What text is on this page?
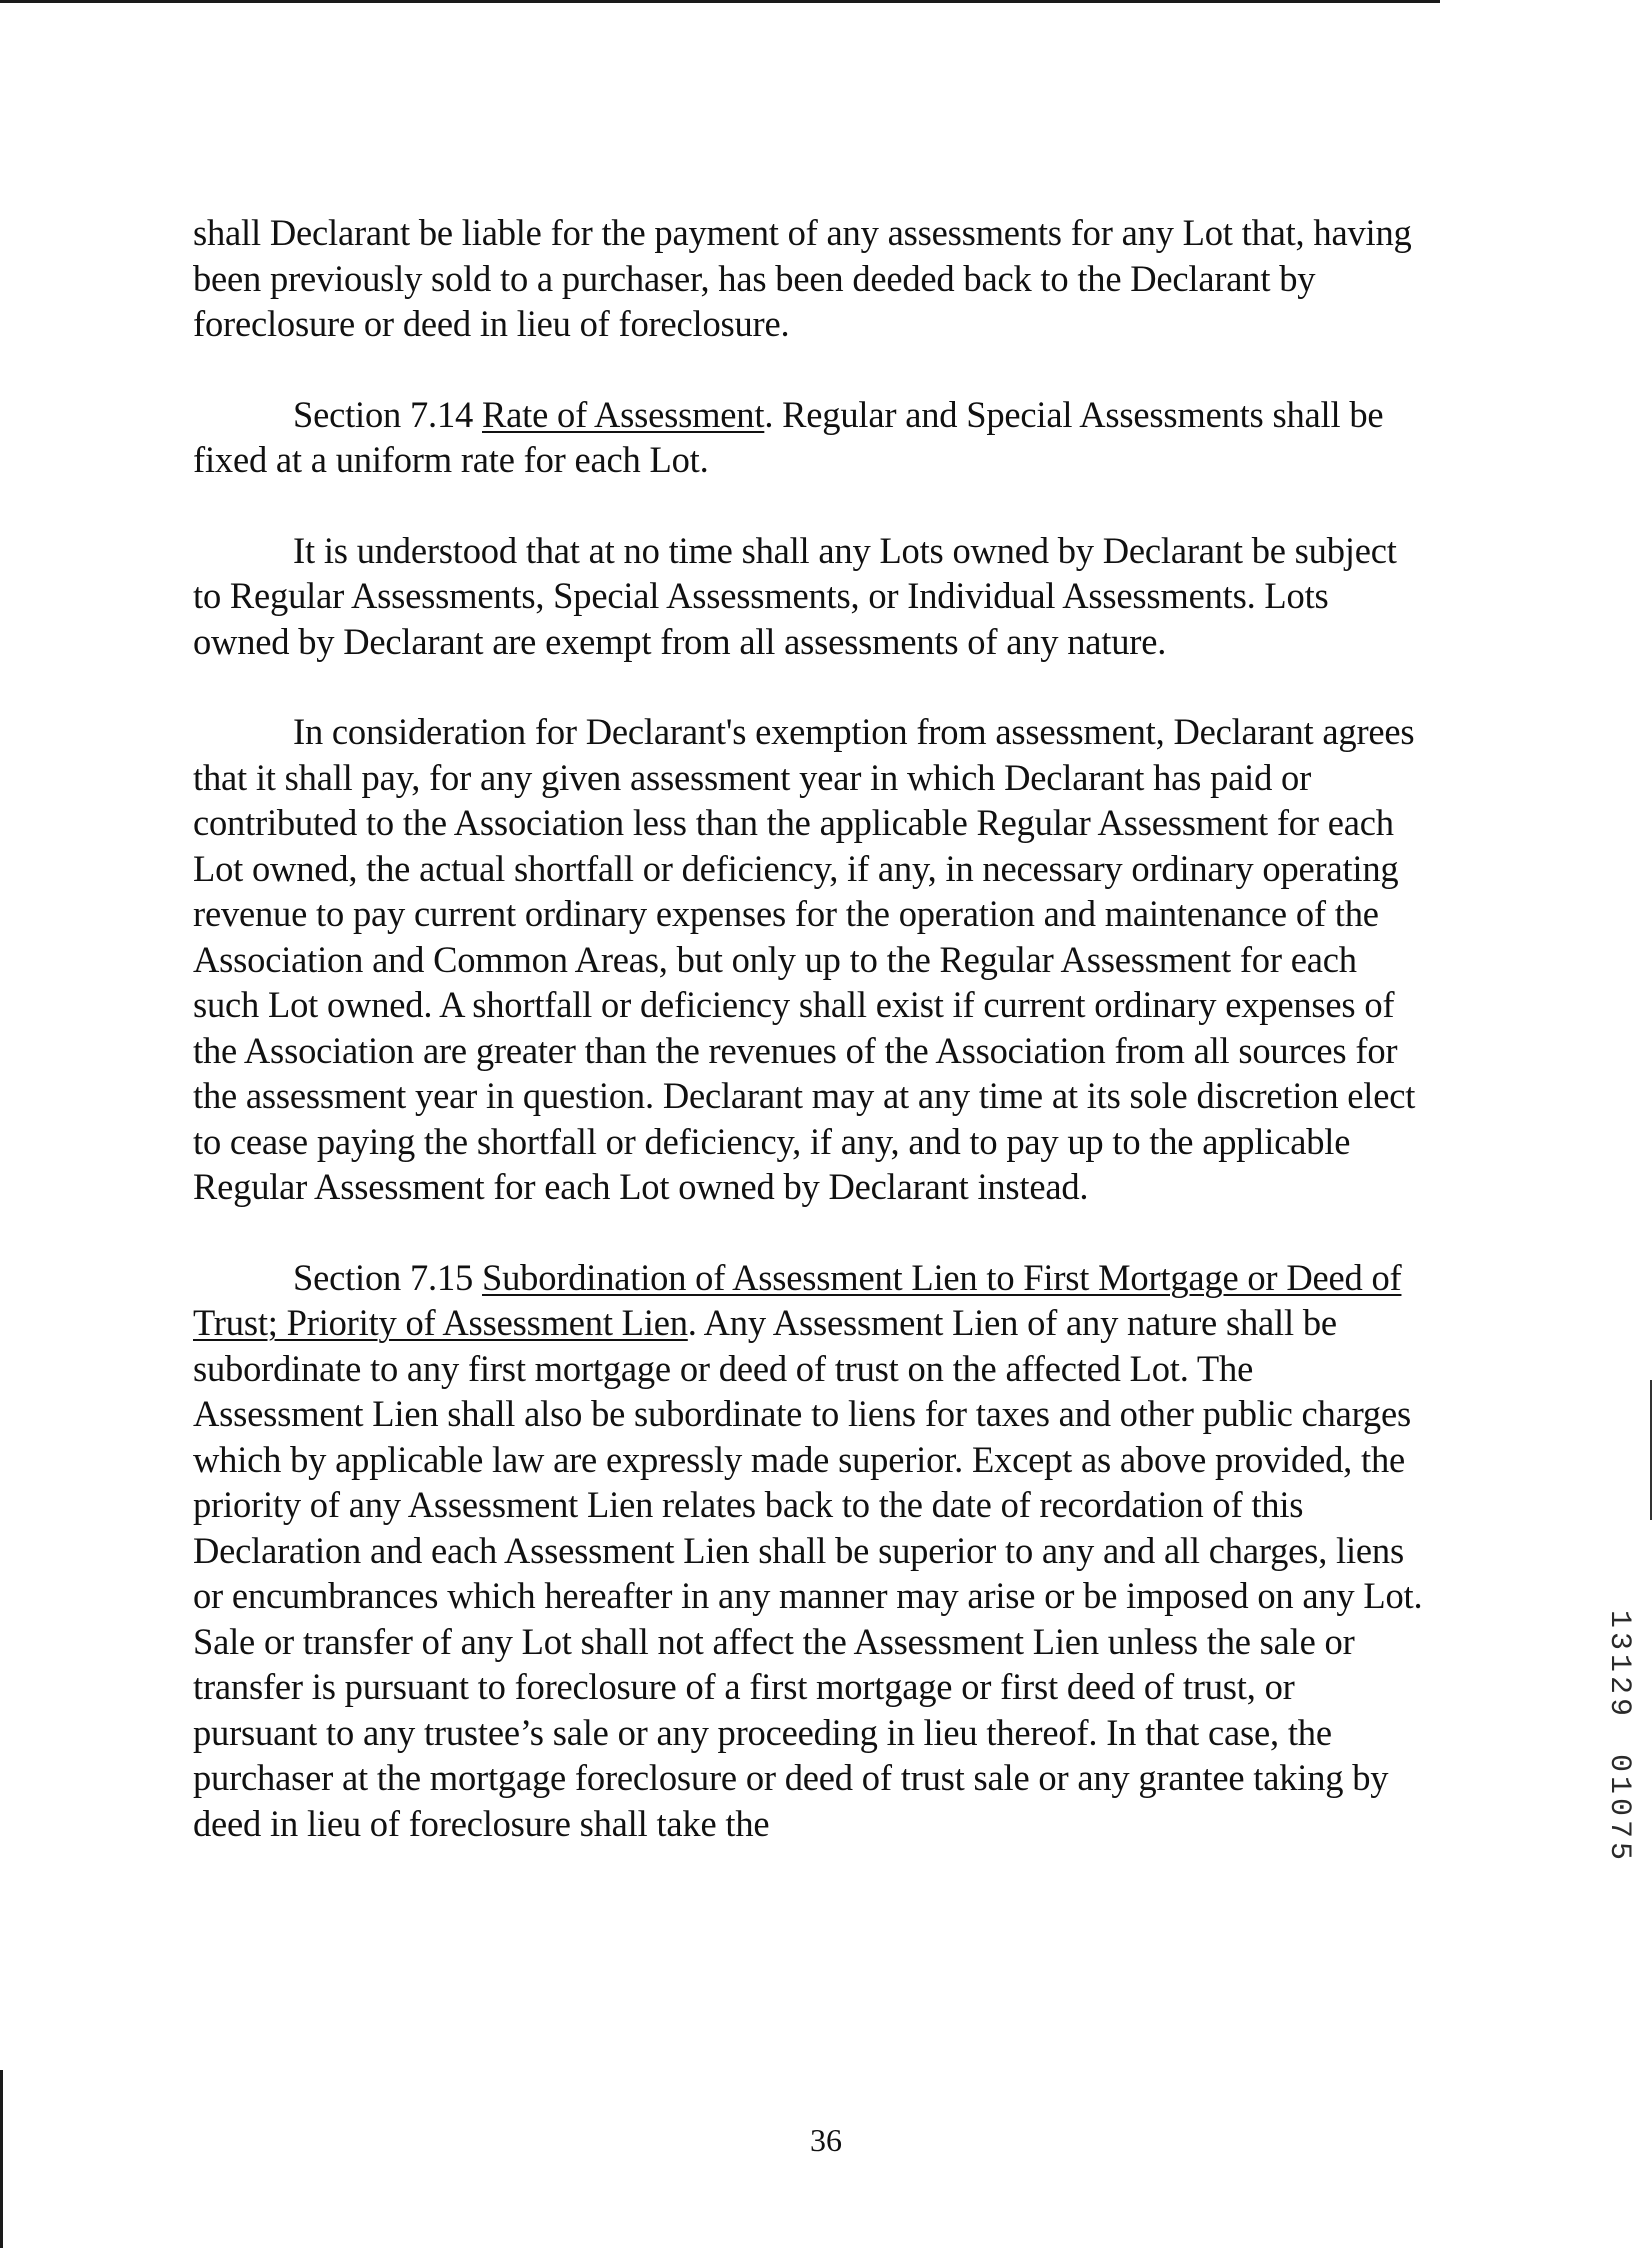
shall Declarant be liable for the payment of any assessments for any Lot that, having been previously sold to a purchaser, has been deeded back to the Declarant by foreclosure or deed in lieu of foreclosure.

Section 7.14 Rate of Assessment. Regular and Special Assessments shall be fixed at a uniform rate for each Lot.

It is understood that at no time shall any Lots owned by Declarant be subject to Regular Assessments, Special Assessments, or Individual Assessments. Lots owned by Declarant are exempt from all assessments of any nature.

In consideration for Declarant's exemption from assessment, Declarant agrees that it shall pay, for any given assessment year in which Declarant has paid or contributed to the Association less than the applicable Regular Assessment for each Lot owned, the actual shortfall or deficiency, if any, in necessary ordinary operating revenue to pay current ordinary expenses for the operation and maintenance of the Association and Common Areas, but only up to the Regular Assessment for each such Lot owned. A shortfall or deficiency shall exist if current ordinary expenses of the Association are greater than the revenues of the Association from all sources for the assessment year in question. Declarant may at any time at its sole discretion elect to cease paying the shortfall or deficiency, if any, and to pay up to the applicable Regular Assessment for each Lot owned by Declarant instead.

Section 7.15 Subordination of Assessment Lien to First Mortgage or Deed of Trust; Priority of Assessment Lien. Any Assessment Lien of any nature shall be subordinate to any first mortgage or deed of trust on the affected Lot. The Assessment Lien shall also be subordinate to liens for taxes and other public charges which by applicable law are expressly made superior. Except as above provided, the priority of any Assessment Lien relates back to the date of recordation of this Declaration and each Assessment Lien shall be superior to any and all charges, liens or encumbrances which hereafter in any manner may arise or be imposed on any Lot. Sale or transfer of any Lot shall not affect the Assessment Lien unless the sale or transfer is pursuant to foreclosure of a first mortgage or first deed of trust, or pursuant to any trustee’s sale or any proceeding in lieu thereof. In that case, the purchaser at the mortgage foreclosure or deed of trust sale or any grantee taking by deed in lieu of foreclosure shall take the

1
3
1
2
9
0
1
0
7
5
36
